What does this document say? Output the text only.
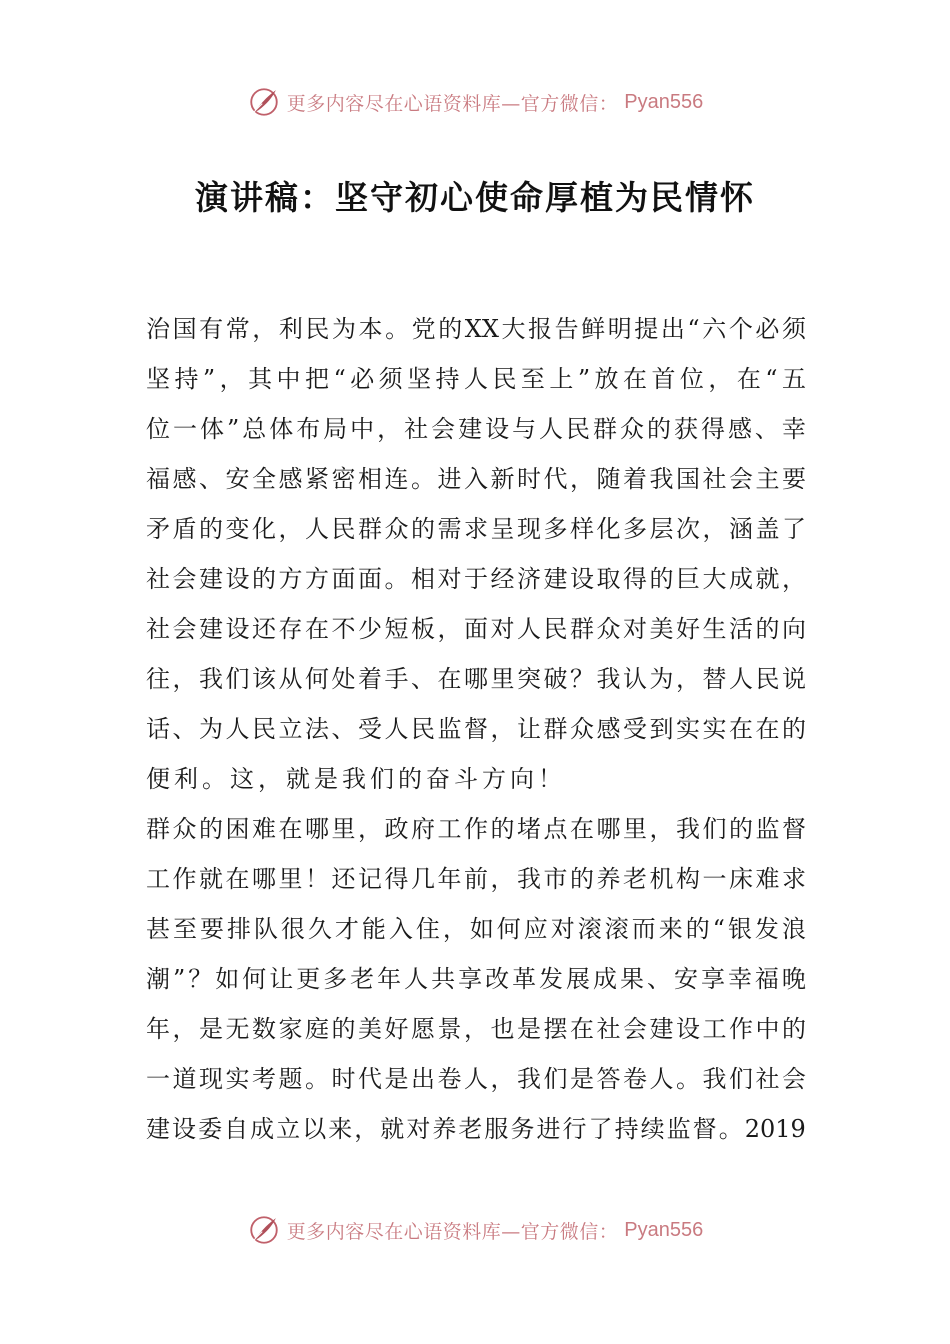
更多内容尽在心语资料库—官方微信： Pyan556
演讲稿：坚守初心使命厚植为民情怀
治 国 有 常 ， 利 民 为 本 。 党 的 XX 大 报 告 鲜 明 提 出 “ 六 个 必 须
坚 持 ” ， 其 中 把 “ 必 须 坚 持 人 民 至 上 ” 放 在 首 位 ， 在 “ 五
位 一 体 ” 总 体 布 局 中 ， 社 会 建 设 与 人 民 群 众 的 获 得 感 、 幸
福 感 、 安 全 感 紧 密 相 连 。 进 入 新 时 代 ， 随 着 我 国 社 会 主 要
矛 盾 的 变 化 ， 人 民 群 众 的 需 求 呈 现 多 样 化 多 层 次 ， 涵 盖 了
社 会 建 设 的 方 方 面 面 。 相 对 于 经 济 建 设 取 得 的 巨 大 成 就 ，
社 会 建 设 还 存 在 不 少 短 板 ， 面 对 人 民 群 众 对 美 好 生 活 的 向
往 ， 我 们 该 从 何 处 着 手 、 在 哪 里 突 破 ？ 我 认 为 ， 替 人 民 说
话 、 为 人 民 立 法 、 受 人 民 监 督 ， 让 群 众 感 受 到 实 实 在 在 的
便 利 。 这 ， 就 是 我 们 的 奋 斗 方 向 ！
群 众 的 困 难 在 哪 里 ， 政 府 工 作 的 堵 点 在 哪 里 ， 我 们 的 监 督
工 作 就 在 哪 里 ！ 还 记 得 几 年 前 ， 我 市 的 养 老 机 构 一 床 难 求
甚 至 要 排 队 很 久 才 能 入 住 ， 如 何 应 对 滚 滚 而 来 的 “ 银 发 浪
潮 ” ？ 如 何 让 更 多 老 年 人 共 享 改 革 发 展 成 果 、 安 享 幸 福 晚
年 ， 是 无 数 家 庭 的 美 好 愿 景 ， 也 是 摆 在 社 会 建 设 工 作 中 的
一 道 现 实 考 题 。 时 代 是 出 卷 人 ， 我 们 是 答 卷 人 。 我 们 社 会
建 设 委 自 成 立 以 来 ， 就 对 养 老 服 务 进 行 了 持 续 监 督 。 2019
更多内容尽在心语资料库—官方微信： Pyan556
